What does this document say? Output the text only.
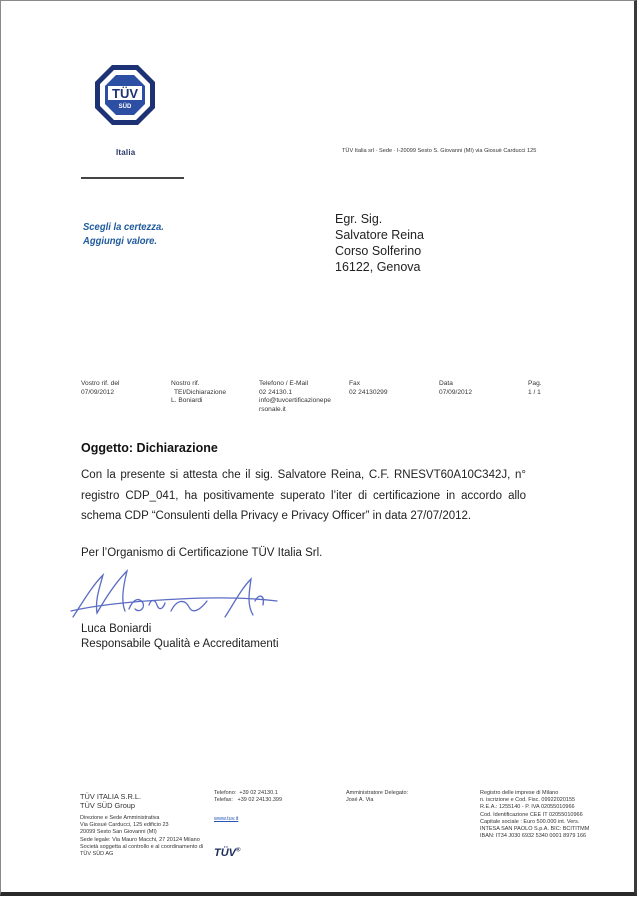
TÜV
SÜD
Italia	TÜV Italia srl · Sede · I-20099 Sesto S. Giovanni (MI) via Giosuè Carducci 125
Scegli la certezza.
Aggiungi valore.
Egr. Sig.
Salvatore Reina
Corso Solferino
16122, Genova
Vostro rif. del
07/09/2012
Nostro rif.
TEI/Dichiarazione
L. Boniardi
Telefono / E-Mail
02 24130.1
info@tuvcertificazionepe
rsonale.it
Fax
02 24130299
Data
07/09/2012
Pag.
1 / 1
Oggetto: Dichiarazione
Con la presente si attesta che il sig. Salvatore Reina, C.F. RNESVT60A10C342J, n° registro CDP_041, ha positivamente superato l’iter di certificazione in accordo allo schema CDP “Consulenti della Privacy e Privacy Officer” in data 27/07/2012.
Per l’Organismo di Certificazione TÜV Italia Srl.
Luca Boniardi
Responsabile Qualità e Accreditamenti
TÜV ITALIA S.R.L.
TÜV SÜD Group
Direzione e Sede Amministrativa
Via Giosuè Carducci, 125 edificio 23
20099 Sesto San Giovanni (MI)
Sede legale: Via Mauro Macchi, 27 20124 Milano
Società soggetta al controllo e al coordinamento di
TÜV SÜD AG
Telefono:  +39 02 24130.1
Telefax:   +39 02 24130.399
www.tuv.it
TÜV®
Amministratore Delegato:
José A. Via
Registro delle imprese di Milano
n. iscrizione e Cod. Fisc. 09922020155
R.E.A.: 1255140 - P. IVA 02055010966
Cod. Identificazione CEE IT 02055010966
Capitale sociale : Euro 500.000 int. Vers.
INTESA SAN PAOLO S.p.A. BIC: BCITITMM
IBAN: IT34 J030 6932 5340 0001 8979 166
